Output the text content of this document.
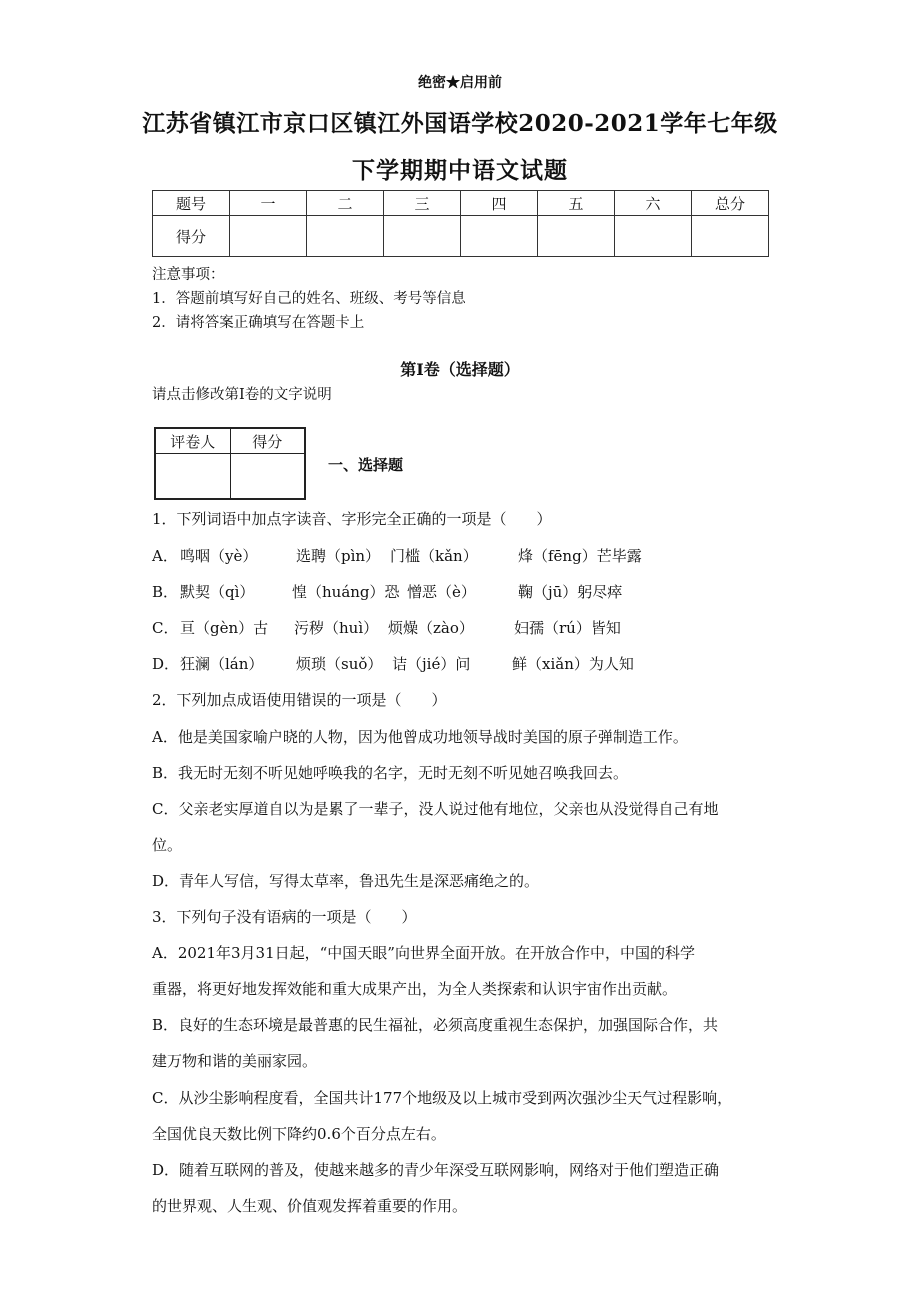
绝密★启用前
江苏省镇江市京口区镇江外国语学校2020-2021学年七年级
下学期期中语文试题
题号	一	二	三	四	五	六	总分
得分							
注意事项：
1．答题前填写好自己的姓名、班级、考号等信息
2．请将答案正确填写在答题卡上
第I卷（选择题）
请点击修改第I卷的文字说明
评卷人	得分

一、选择题
1．下列词语中加点字读音、字形完全正确的一项是（　　）
A． 鸣咽（yè）	选聘（pìn） 门槛（kǎn）	烽（fēng）芒毕露
B． 默契（qì）	惶（huáng）恐 憎恶（è）	鞠（jū）躬尽瘁
C． 亘（gèn）古 污秽（huì） 烦燥（zào）	妇孺（rú）皆知
D． 狂澜（lán） 烦琐（suǒ） 诘（jié）问	鲜（xiǎn）为人知
2．下列加点成语使用错误的一项是（　　）
A．他是美国家喻户晓的人物，因为他曾成功地领导战时美国的原子弹制造工作。
B．我无时无刻不听见她呼唤我的名字，无时无刻不听见她召唤我回去。
C．父亲老实厚道自以为是累了一辈子，没人说过他有地位，父亲也从没觉得自己有地
位。
D．青年人写信，写得太草率，鲁迅先生是深恶痛绝之的。
3．下列句子没有语病的一项是（　　）
A．2021年3月31日起，“中国天眼”向世界全面开放。在开放合作中，中国的科学
重器，将更好地发挥效能和重大成果产出，为全人类探索和认识宇宙作出贡献。
B．良好的生态环境是最普惠的民生福祉，必须高度重视生态保护，加强国际合作，共
建万物和谐的美丽家园。
C．从沙尘影响程度看，全国共计177个地级及以上城市受到两次强沙尘天气过程影响，
全国优良天数比例下降约0.6个百分点左右。
D．随着互联网的普及，使越来越多的青少年深受互联网影响，网络对于他们塑造正确
的世界观、人生观、价值观发挥着重要的作用。
